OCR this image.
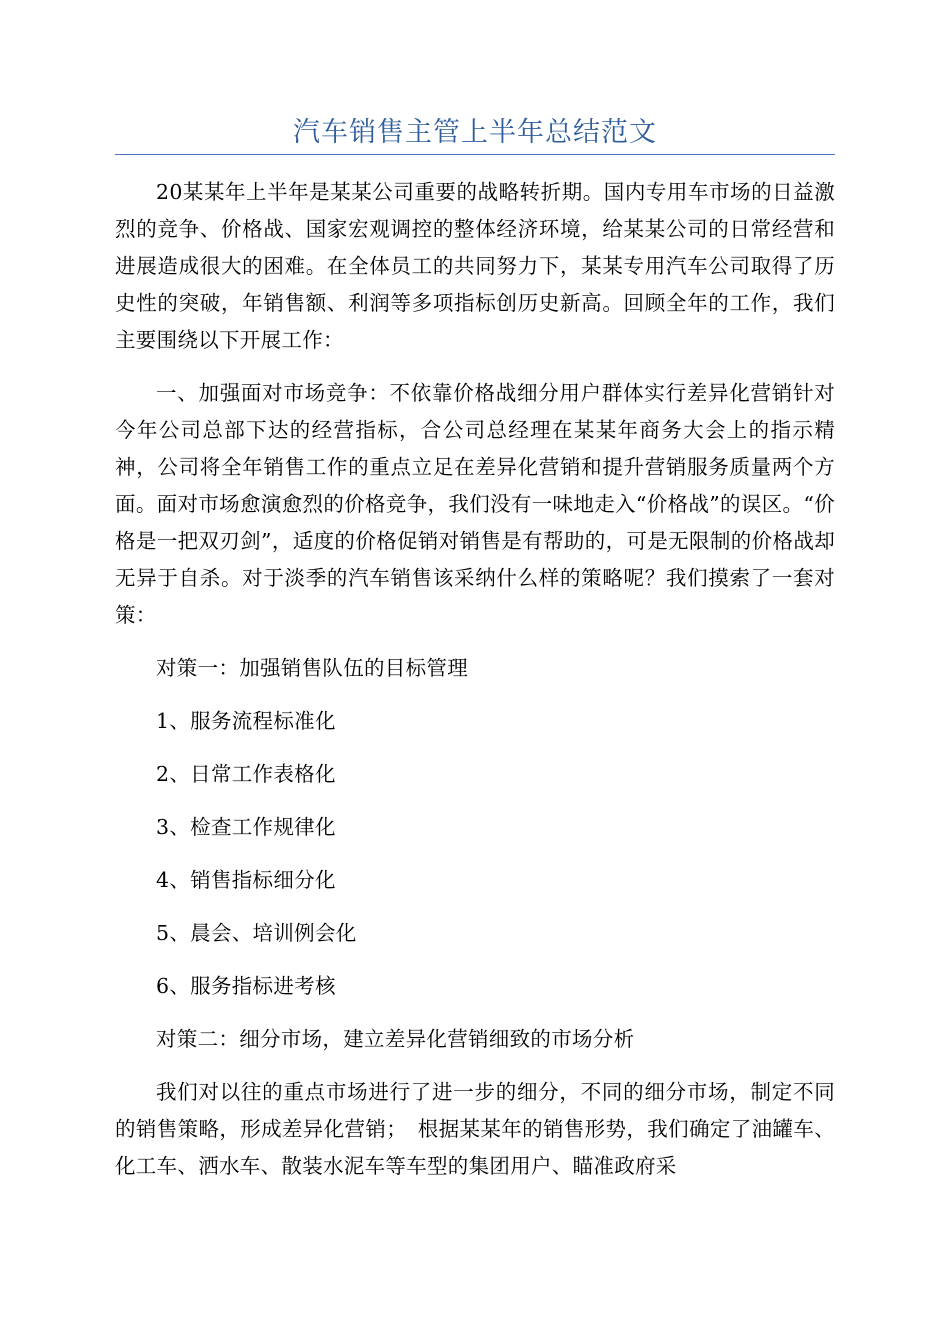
汽车销售主管上半年总结范文

20某某年上半年是某某公司重要的战略转折期。国内专用车市场的日益激烈的竞争、价格战、国家宏观调控的整体经济环境，给某某公司的日常经营和进展造成很大的困难。在全体员工的共同努力下，某某专用汽车公司取得了历史性的突破，年销售额、利润等多项指标创历史新高。回顾全年的工作，我们主要围绕以下开展工作：

一、加强面对市场竞争：不依靠价格战细分用户群体实行差异化营销针对今年公司总部下达的经营指标，合公司总经理在某某年商务大会上的指示精神，公司将全年销售工作的重点立足在差异化营销和提升营销服务质量两个方面。面对市场愈演愈烈的价格竞争，我们没有一味地走入“价格战”的误区。“价格是一把双刃剑”，适度的价格促销对销售是有帮助的，可是无限制的价格战却无异于自杀。对于淡季的汽车销售该采纳什么样的策略呢？我们摸索了一套对策：

对策一：加强销售队伍的目标管理

1、服务流程标准化

2、日常工作表格化

3、检查工作规律化

4、销售指标细分化

5、晨会、培训例会化

6、服务指标进考核

对策二：细分市场，建立差异化营销细致的市场分析

我们对以往的重点市场进行了进一步的细分，不同的细分市场，制定不同的销售策略，形成差异化营销；　根据某某年的销售形势，我们确定了油罐车、化工车、洒水车、散装水泥车等车型的集团用户、瞄准政府采
